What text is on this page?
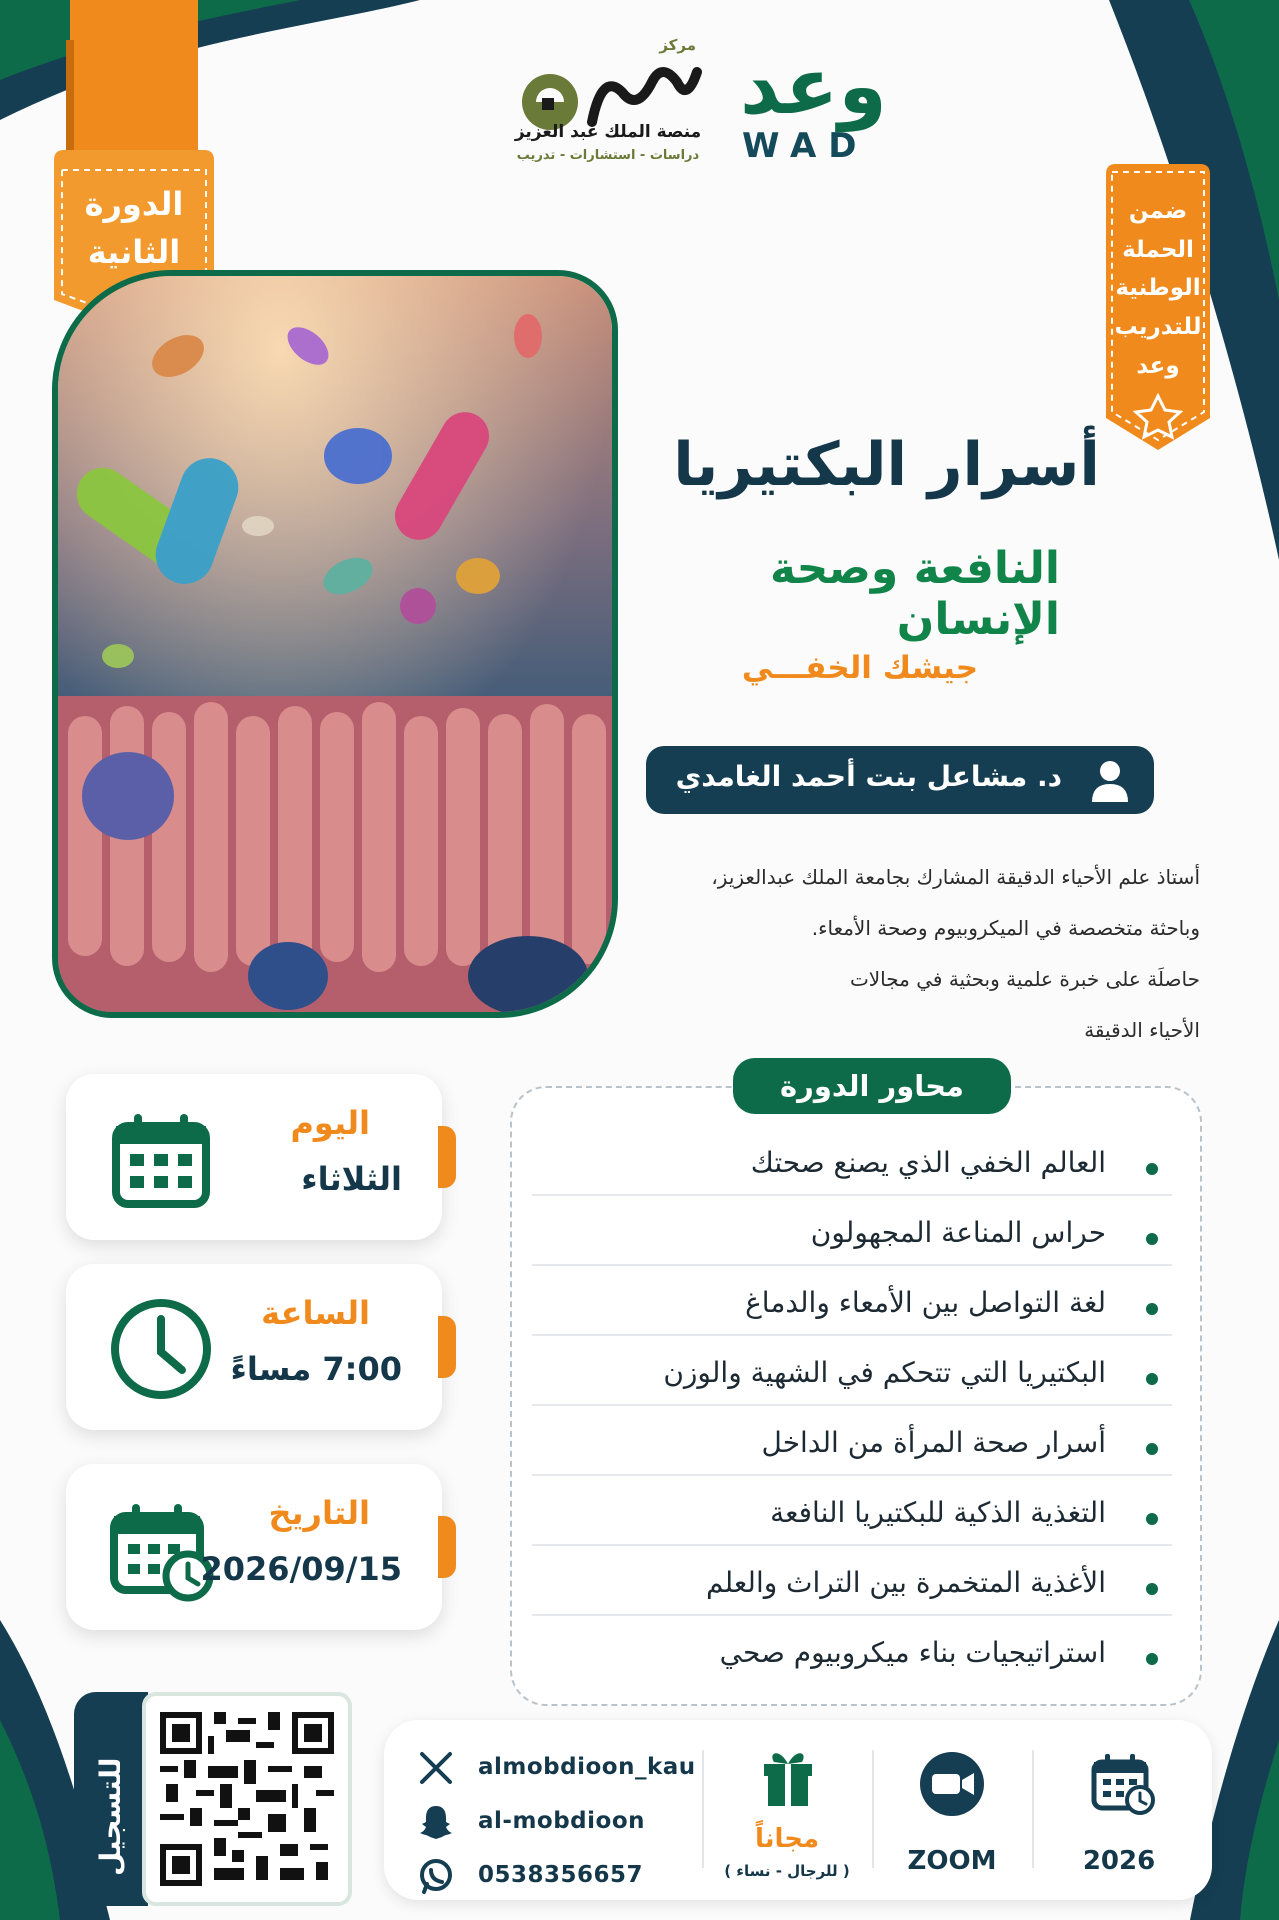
الدورة
الثانية
مركز
منصة الملك عبد العزيز
دراسات - استشارات - تدريب
وعد
WAD
ضمن
الحملة
الوطنية
للتدريب
وعد
أسرار البكتيريا
النافعة وصحة الإنسان
جيشك الخفـــي
د. مشاعل بنت أحمد الغامدي
أستاذ علم الأحياء الدقيقة المشارك بجامعة الملك عبدالعزيز،
وباحثة متخصصة في الميكروبيوم وصحة الأمعاء.
حاصلَة على خبرة علمية وبحثية في مجالات
الأحياء الدقيقة
محاور الدورة
العالم الخفي الذي يصنع صحتك
حراس المناعة المجهولون
لغة التواصل بين الأمعاء والدماغ
البكتيريا التي تتحكم في الشهية والوزن
أسرار صحة المرأة من الداخل
التغذية الذكية للبكتيريا النافعة
الأغذية المتخمرة بين التراث والعلم
استراتيجيات بناء ميكروبيوم صحي
اليوم
الثلاثاء
الساعة
7:00 مساءً
التاريخ
2026/09/15
للتسجيل	almobdioon_kau
al-mobdioon
0538356657
مجاناً
( للرجال - نساء )	ZOOM	2026
